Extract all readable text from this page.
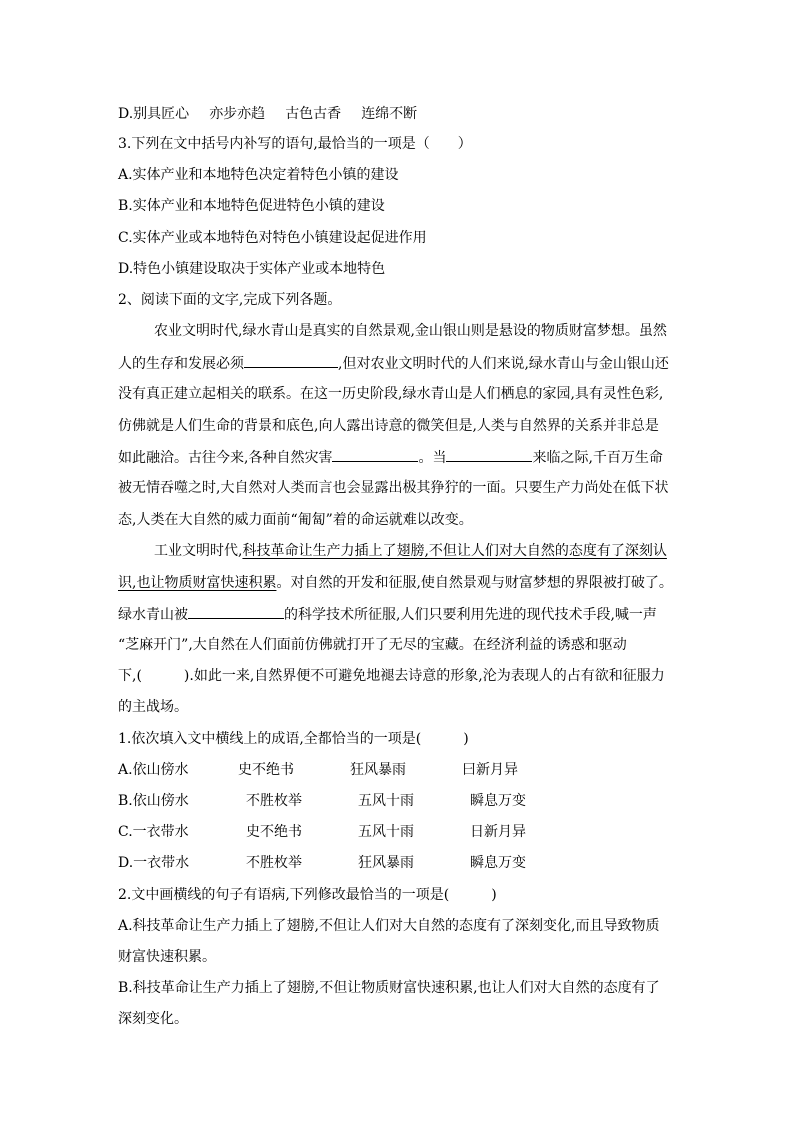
D.别具匠心 亦步亦趋 古色古香 连绵不断
3.下列在文中括号内补写的语句,最恰当的一项是（　　）
A.实体产业和本地特色决定着特色小镇的建设
B.实体产业和本地特色促进特色小镇的建设
C.实体产业或本地特色对特色小镇建设起促进作用
D.特色小镇建设取决于实体产业或本地特色
2、阅读下面的文字,完成下列各题。
农业文明时代,绿水青山是真实的自然景观,金山银山则是悬设的物质财富梦想。虽然
人的生存和发展必须	,但对农业文明时代的人们来说,绿水青山与金山银山还
没有真正建立起相关的联系。在这一历史阶段,绿水青山是人们栖息的家园,具有灵性色彩,
仿佛就是人们生命的背景和底色,向人露出诗意的微笑但是,人类与自然界的关系并非总是
如此融洽。古往今来,各种自然灾害	。当	来临之际,千百万生命
被无情吞噬之时,大自然对人类而言也会显露出极其狰狞的一面。只要生产力尚处在低下状
态,人类在大自然的威力面前“匍匐”着的命运就难以改变。
工业文明时代,科技革命让生产力插上了翅膀,不但让人们对大自然的态度有了深刻认
识,也让物质财富快速积累。对自然的开发和征服,使自然景观与财富梦想的界限被打破了。
绿水青山被	的科学技术所征服,人们只要利用先进的现代技术手段,喊一声
“芝麻开门”,大自然在人们面前仿佛就打开了无尽的宝藏。在经济利益的诱惑和驱动
下,(　　　).如此一来,自然界便不可避免地褪去诗意的形象,沦为表现人的占有欲和征服力
的主战场。
1.依次填入文中横线上的成语,全都恰当的一项是(　　　)
A.依山傍水	史不绝书	狂风暴雨	曰新月异
B.依山傍水	不胜枚举	五风十雨	瞬息万变
C.一衣带水	史不绝书	五风十雨	日新月异
D.一衣带水	不胜枚举	狂风暴雨	瞬息万变
2.文中画横线的句子有语病,下列修改最恰当的一项是(　　　)
A.科技革命让生产力插上了翅膀,不但让人们对大自然的态度有了深刻变化,而且导致物质
财富快速积累。
B.科技革命让生产力插上了翅膀,不但让物质财富快速积累,也让人们对大自然的态度有了
深刻变化。
